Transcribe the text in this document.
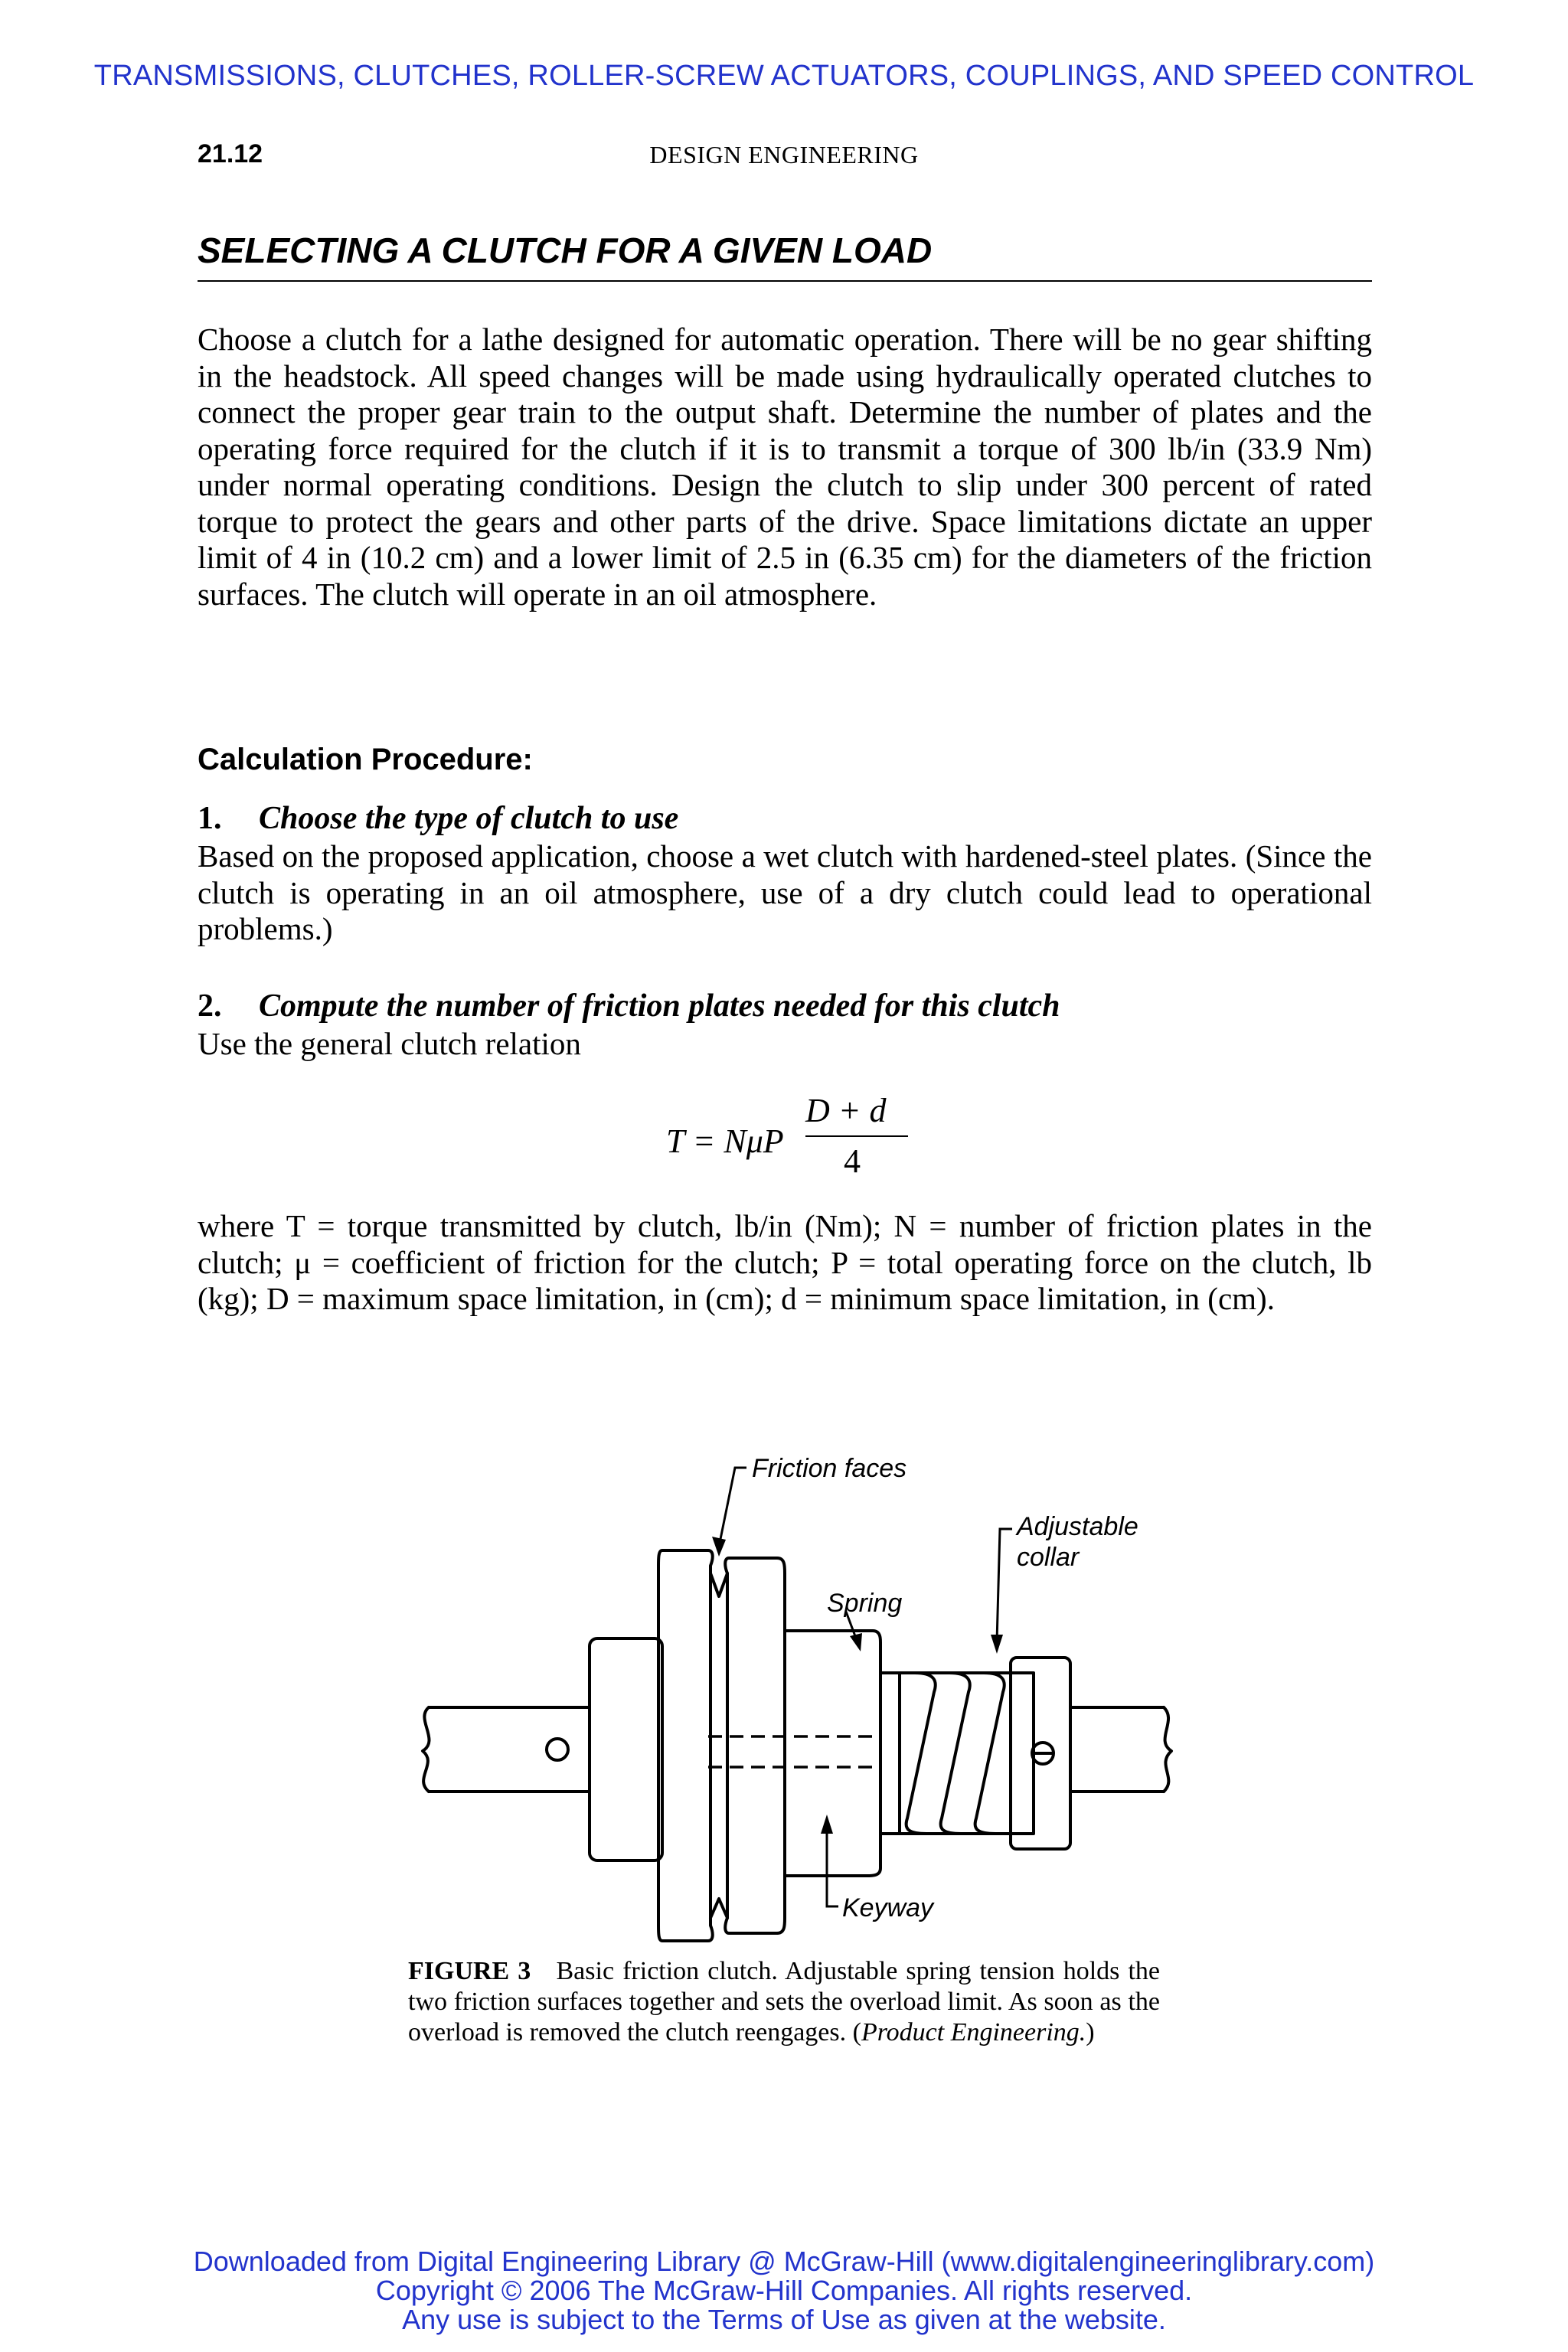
TRANSMISSIONS, CLUTCHES, ROLLER-SCREW ACTUATORS, COUPLINGS, AND SPEED CONTROL
21.12	DESIGN ENGINEERING
SELECTING A CLUTCH FOR A GIVEN LOAD
Choose a clutch for a lathe designed for automatic operation. There will be no gear shifting in the headstock. All speed changes will be made using hydraulically operated clutches to connect the proper gear train to the output shaft. Determine the number of plates and the operating force required for the clutch if it is to transmit a torque of 300 lb/in (33.9 Nm) under normal operating conditions. Design the clutch to slip under 300 percent of rated torque to protect the gears and other parts of the drive. Space limitations dictate an upper limit of 4 in (10.2 cm) and a lower limit of 2.5 in (6.35 cm) for the diameters of the friction surfaces. The clutch will operate in an oil atmosphere.
Calculation Procedure:
1. Choose the type of clutch to use
Based on the proposed application, choose a wet clutch with hardened-steel plates. (Since the clutch is operating in an oil atmosphere, use of a dry clutch could lead to operational problems.)
2. Compute the number of friction plates needed for this clutch
Use the general clutch relation
T = NμP
D + d
4
where T = torque transmitted by clutch, lb/in (Nm); N = number of friction plates in the clutch; μ = coefficient of friction for the clutch; P = total operating force on the clutch, lb (kg); D = maximum space limitation, in (cm); d = minimum space limitation, in (cm).
Friction faces
Adjustable
collar
Spring
Keyway
FIGURE 3 Basic friction clutch. Adjustable spring tension holds the two friction surfaces together and sets the overload limit. As soon as the overload is removed the clutch reengages. (Product Engineering.)
Downloaded from Digital Engineering Library @ McGraw-Hill (www.digitalengineeringlibrary.com)
Copyright © 2006 The McGraw-Hill Companies. All rights reserved.
Any use is subject to the Terms of Use as given at the website.
